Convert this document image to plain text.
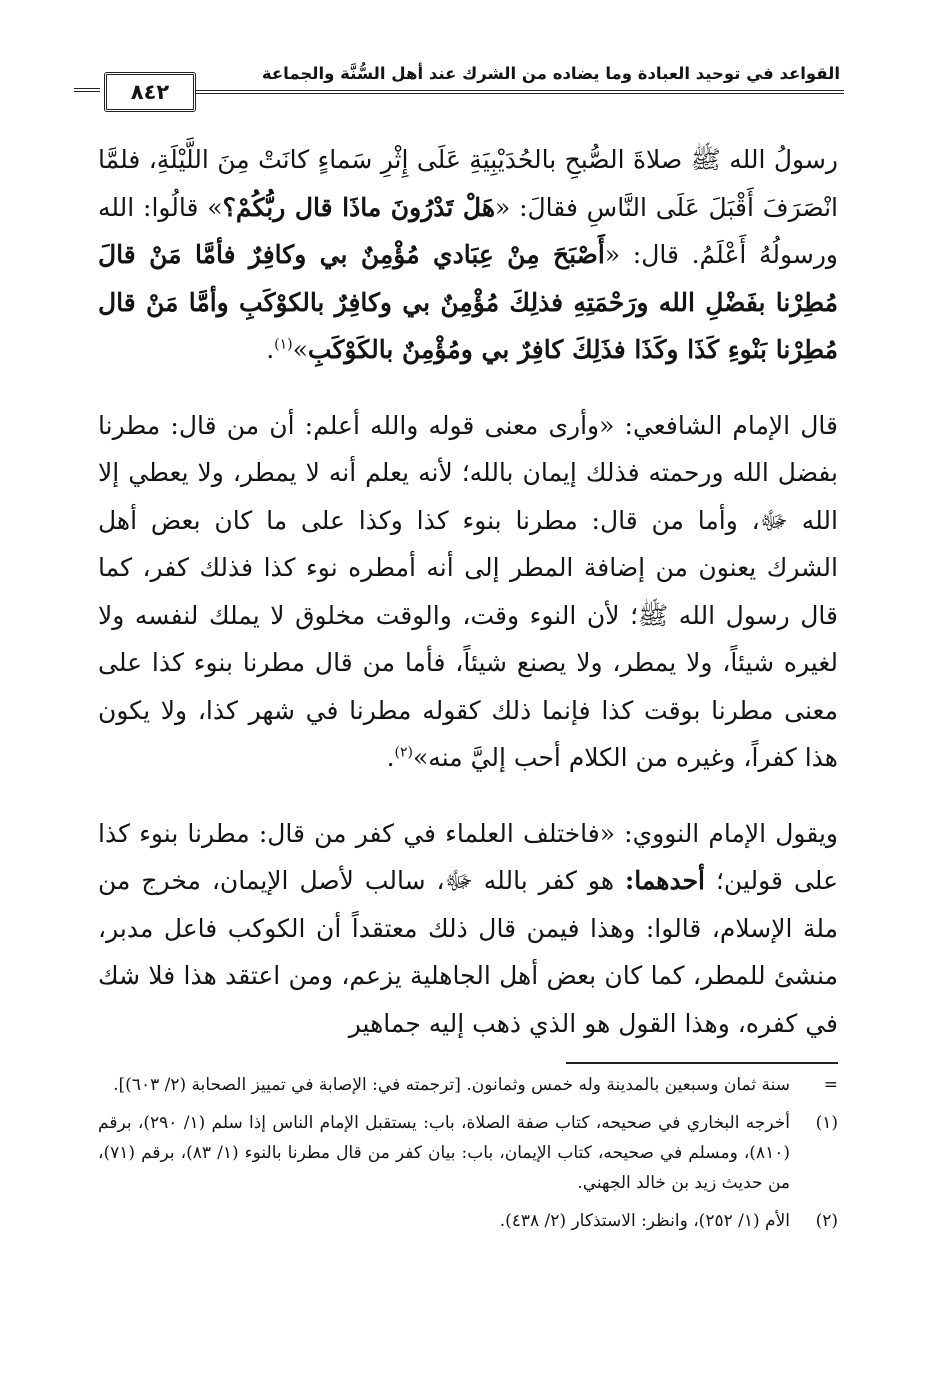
٨٤٢
القواعد في توحيد العبادة وما يضاده من الشرك عند أهل السُّنَّة والجماعة

رسولُ الله ﷺ صلاةَ الصُّبحِ بالحُدَيْبِيَةِ عَلَى إِثْرِ سَماءٍ كانَتْ مِنَ اللَّيْلَةِ، فلمَّا انْصَرَفَ أَقْبَلَ عَلَى النَّاسِ فقالَ: «هَلْ تَدْرُونَ ماذَا قال ربُّكُمْ؟» قالُوا: الله ورسولُهُ أَعْلَمُ. قال: «أَصْبَحَ مِنْ عِبَادي مُؤْمِنٌ بي وكافِرٌ فأمَّا مَنْ قالَ مُطِرْنا بفَضْلِ الله ورَحْمَتِهِ فذلِكَ مُؤْمِنٌ بي وكافِرٌ بالكوْكَبِ وأمَّا مَنْ قال مُطِرْنا بَنْوءِ كَذَا وكَذَا فذَلِكَ كافِرٌ بي ومُؤْمِنٌ بالكَوْكَبِ»$^{(١)}$.

قال الإمام الشافعي: «وأرى معنى قوله والله أعلم: أن من قال: مطرنا بفضل الله ورحمته فذلك إيمان بالله؛ لأنه يعلم أنه لا يمطر، ولا يعطي إلا الله ﷻ، وأما من قال: مطرنا بنوء كذا وكذا على ما كان بعض أهل الشرك يعنون من إضافة المطر إلى أنه أمطره نوء كذا فذلك كفر، كما قال رسول الله ﷺ؛ لأن النوء وقت، والوقت مخلوق لا يملك لنفسه ولا لغيره شيئاً، ولا يمطر، ولا يصنع شيئاً، فأما من قال مطرنا بنوء كذا على معنى مطرنا بوقت كذا فإنما ذلك كقوله مطرنا في شهر كذا، ولا يكون هذا كفراً، وغيره من الكلام أحب إليَّ منه»$^{(٢)}$.

ويقول الإمام النووي: «فاختلف العلماء في كفر من قال: مطرنا بنوء كذا على قولين؛ أحدهما: هو كفر بالله ﷻ، سالب لأصل الإيمان، مخرج من ملة الإسلام، قالوا: وهذا فيمن قال ذلك معتقداً أن الكوكب فاعل مدبر، منشئ للمطر، كما كان بعض أهل الجاهلية يزعم، ومن اعتقد هذا فلا شك في كفره، وهذا القول هو الذي ذهب إليه جماهير

=
سنة ثمان وسبعين بالمدينة وله خمس وثمانون. [ترجمته في: الإصابة في تمييز الصحابة (٢/ ٦٠٣)].
(١)
أخرجه البخاري في صحيحه، كتاب صفة الصلاة، باب: يستقبل الإمام الناس إذا سلم (١/ ٢٩٠)، برقم (٨١٠)، ومسلم في صحيحه، كتاب الإيمان، باب: بيان كفر من قال مطرنا بالنوء (١/ ٨٣)، برقم (٧١)، من حديث زيد بن خالد الجهني.
(٢)
الأم (١/ ٢٥٢)، وانظر: الاستذكار (٢/ ٤٣٨).
